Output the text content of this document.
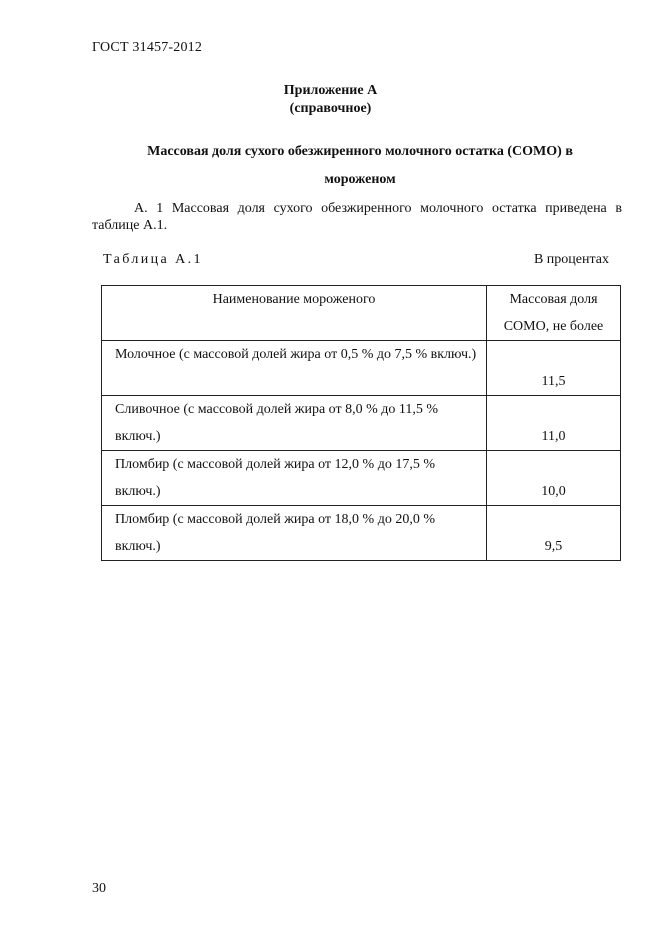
ГОСТ 31457-2012
Приложение А
(справочное)
Массовая доля сухого обезжиренного молочного остатка (СОМО) в мороженом
А. 1 Массовая доля сухого обезжиренного молочного остатка приведена в таблице А.1.
Таблица А.1	В процентах
Наименование мороженого	Массовая доля СОМО, не более
Молочное (с массовой долей жира от 0,5 % до 7,5 % включ.)	11,5
Сливочное (с массовой долей жира от 8,0 % до 11,5 % включ.)	11,0
Пломбир (с массовой долей жира от 12,0 % до 17,5 % включ.)	10,0
Пломбир (с массовой долей жира от 18,0 % до 20,0 % включ.)	9,5
30
